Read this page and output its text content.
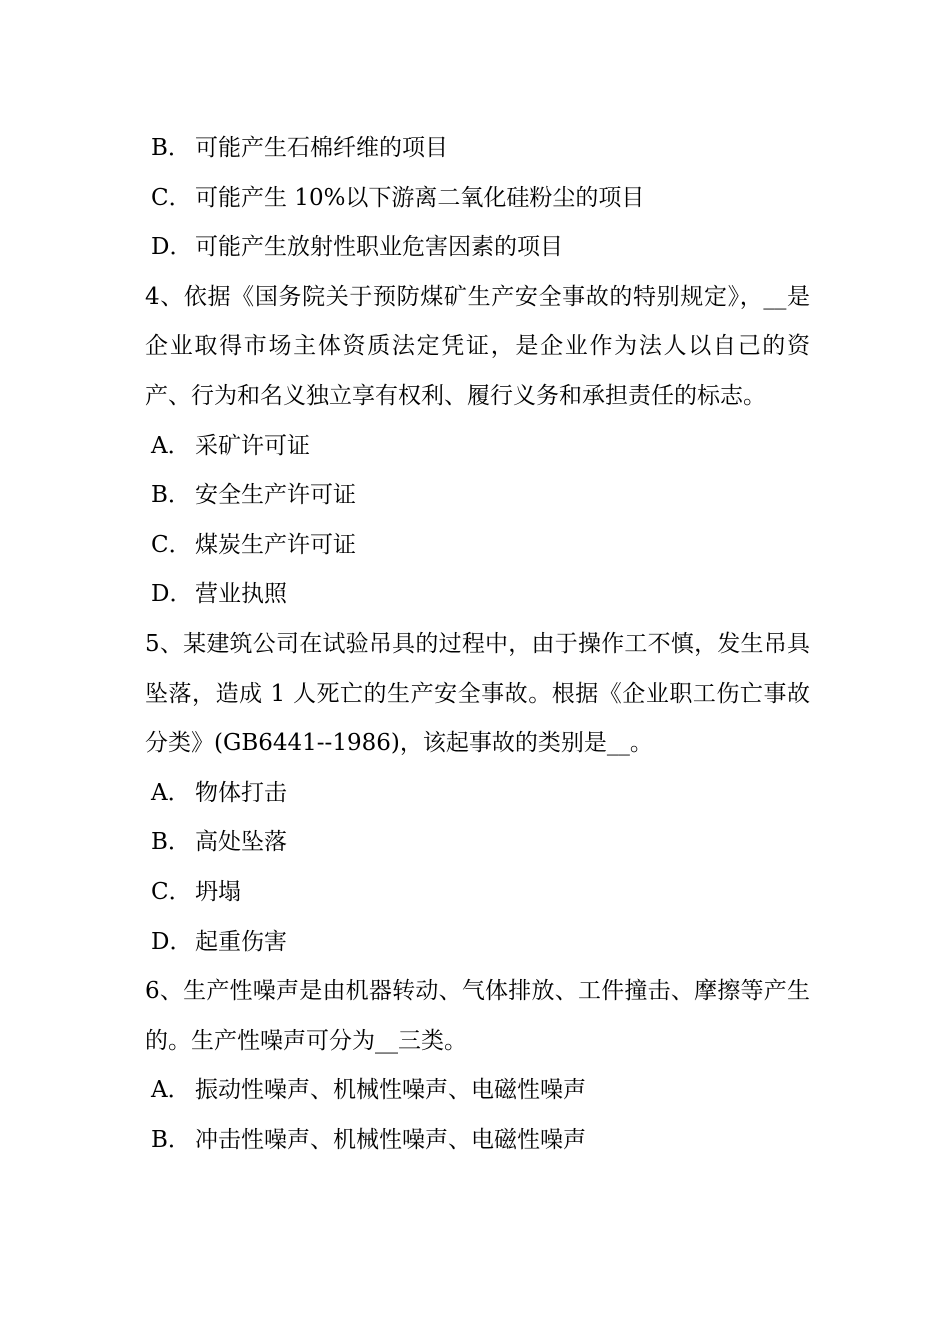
B． 可能产生石棉纤维的项目
C． 可能产生 10%以下游离二氧化硅粉尘的项目
D． 可能产生放射性职业危害因素的项目

4、依据《国务院关于预防煤矿生产安全事故的特别规定》，__是企业取得市场主体资质法定凭证，是企业作为法人以自己的资产、行为和名义独立享有权利、履行义务和承担责任的标志。

A． 采矿许可证
B． 安全生产许可证
C． 煤炭生产许可证
D． 营业执照

5、某建筑公司在试验吊具的过程中，由于操作工不慎，发生吊具坠落，造成 1 人死亡的生产安全事故。根据《企业职工伤亡事故分类》(GB6441--1986)，该起事故的类别是__。

A． 物体打击
B． 高处坠落
C． 坍塌
D． 起重伤害

6、生产性噪声是由机器转动、气体排放、工件撞击、摩擦等产生的。生产性噪声可分为__三类。

A． 振动性噪声、机械性噪声、电磁性噪声
B． 冲击性噪声、机械性噪声、电磁性噪声
